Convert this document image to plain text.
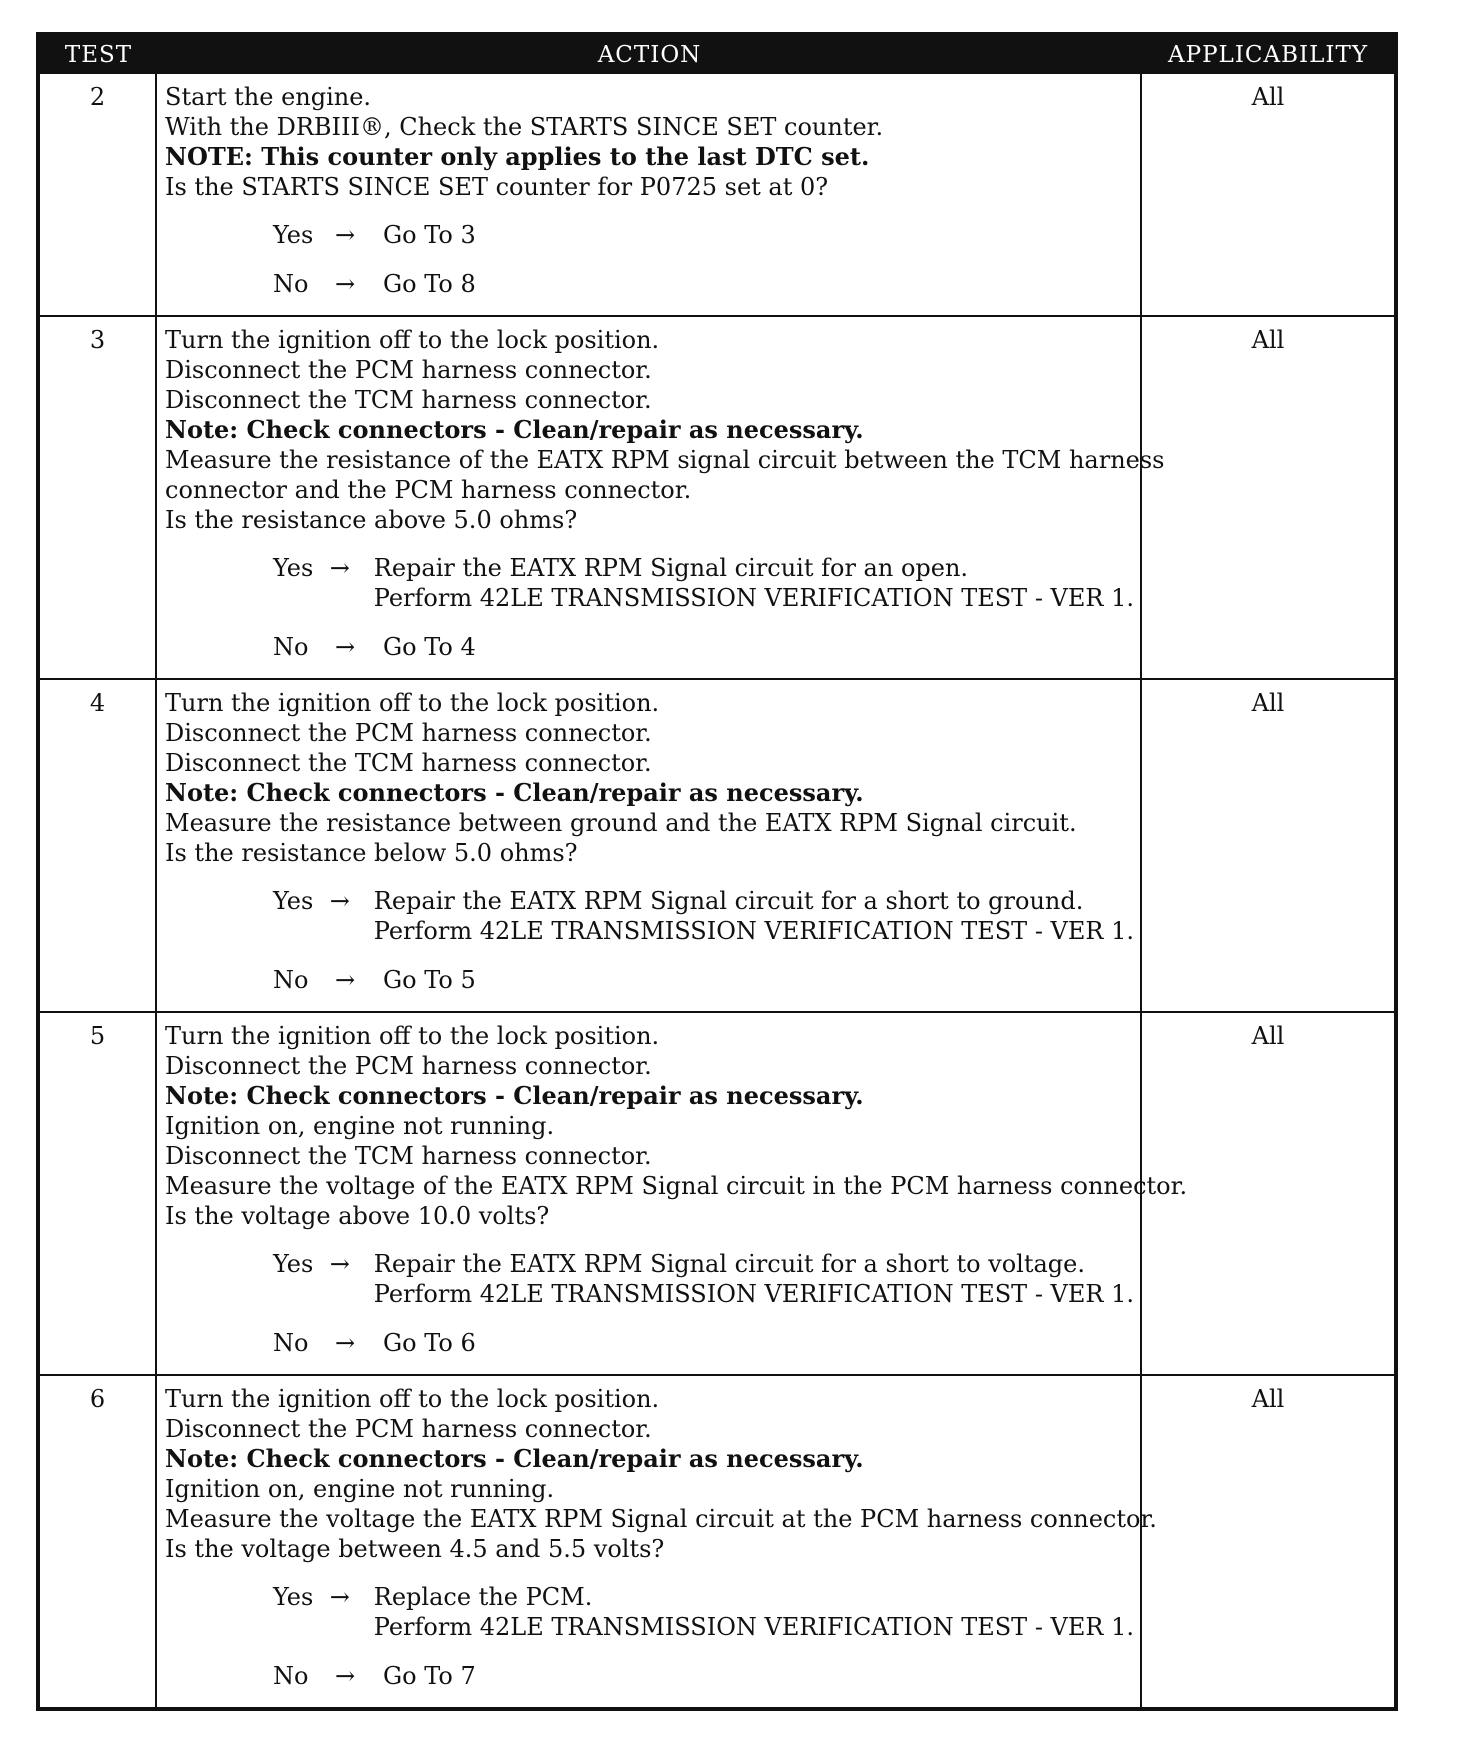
TEST	ACTION	APPLICABILITY
2	Start the engine.
With the DRBIII®, Check the STARTS SINCE SET counter.
NOTE: This counter only applies to the last DTC set.
Is the STARTS SINCE SET counter for P0725 set at 0?
Yes →	Go To 3
No	→	Go To 8
All
3	Turn the ignition off to the lock position.
Disconnect the PCM harness connector.
Disconnect the TCM harness connector.
Note: Check connectors - Clean/repair as necessary.
Measure the resistance of the EATX RPM signal circuit between the TCM harness
connector and the PCM harness connector.
Is the resistance above 5.0 ohms?
Yes → Repair the EATX RPM Signal circuit for an open.
Perform 42LE TRANSMISSION VERIFICATION TEST - VER 1.
No	→	Go To 4
All
4	Turn the ignition off to the lock position.
Disconnect the PCM harness connector.
Disconnect the TCM harness connector.
Note: Check connectors - Clean/repair as necessary.
Measure the resistance between ground and the EATX RPM Signal circuit.
Is the resistance below 5.0 ohms?
Yes → Repair the EATX RPM Signal circuit for a short to ground.
Perform 42LE TRANSMISSION VERIFICATION TEST - VER 1.
No	→	Go To 5
All
5	Turn the ignition off to the lock position.
Disconnect the PCM harness connector.
Note: Check connectors - Clean/repair as necessary.
Ignition on, engine not running.
Disconnect the TCM harness connector.
Measure the voltage of the EATX RPM Signal circuit in the PCM harness connector.
Is the voltage above 10.0 volts?
Yes → Repair the EATX RPM Signal circuit for a short to voltage.
Perform 42LE TRANSMISSION VERIFICATION TEST - VER 1.
No	→	Go To 6
All
6	Turn the ignition off to the lock position.
Disconnect the PCM harness connector.
Note: Check connectors - Clean/repair as necessary.
Ignition on, engine not running.
Measure the voltage the EATX RPM Signal circuit at the PCM harness connector.
Is the voltage between 4.5 and 5.5 volts?
Yes → Replace the PCM.
Perform 42LE TRANSMISSION VERIFICATION TEST - VER 1.
No	→	Go To 7
All
